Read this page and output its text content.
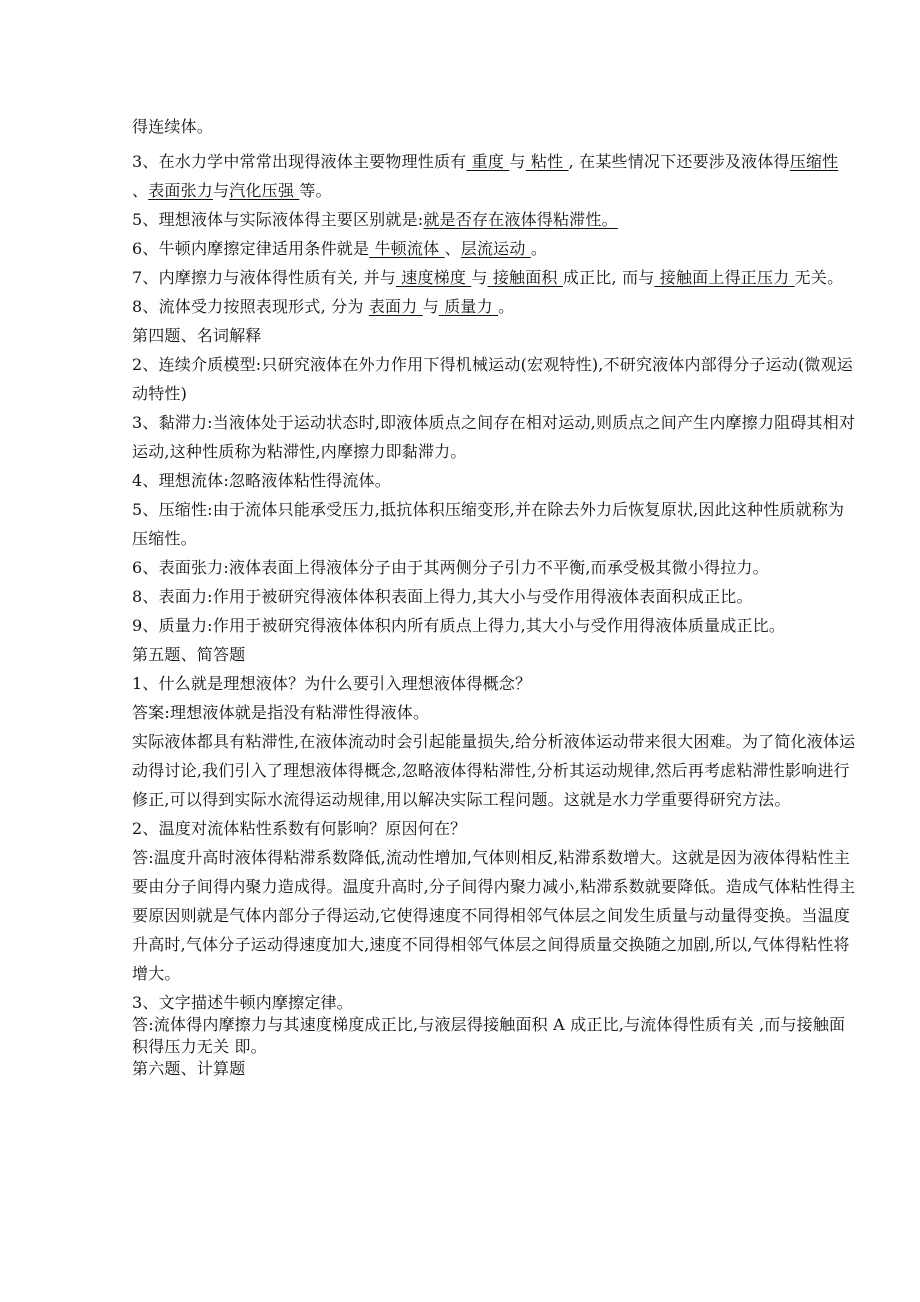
得连续体。

3、在水力学中常常出现得液体主要物理性质有 重度 与 粘性 , 在某些情况下还要涉及液体得压缩性 、表面张力与汽化压强 等。

5、理想液体与实际液体得主要区别就是:就是否存在液体得粘滞性。

6、牛顿内摩擦定律适用条件就是 牛顿流体 、层流运动 。

7、内摩擦力与液体得性质有关, 并与 速度梯度 与 接触面积 成正比, 而与 接触面上得正压力 无关。

8、流体受力按照表现形式, 分为 表面力 与 质量力 。

第四题、名词解释

2、连续介质模型:只研究液体在外力作用下得机械运动(宏观特性),不研究液体内部得分子运动(微观运动特性)

3、黏滞力:当液体处于运动状态时,即液体质点之间存在相对运动,则质点之间产生内摩擦力阻碍其相对运动,这种性质称为粘滞性,内摩擦力即黏滞力。

4、理想流体:忽略液体粘性得流体。

5、压缩性:由于流体只能承受压力,抵抗体积压缩变形,并在除去外力后恢复原状,因此这种性质就称为压缩性。

6、表面张力:液体表面上得液体分子由于其两侧分子引力不平衡,而承受极其微小得拉力。

8、表面力:作用于被研究得液体体积表面上得力,其大小与受作用得液体表面积成正比。

9、质量力:作用于被研究得液体体积内所有质点上得力,其大小与受作用得液体质量成正比。

第五题、简答题

1、什么就是理想液体？为什么要引入理想液体得概念？

答案:理想液体就是指没有粘滞性得液体。

实际液体都具有粘滞性,在液体流动时会引起能量损失,给分析液体运动带来很大困难。为了简化液体运动得讨论,我们引入了理想液体得概念,忽略液体得粘滞性,分析其运动规律,然后再考虑粘滞性影响进行修正,可以得到实际水流得运动规律,用以解决实际工程问题。这就是水力学重要得研究方法。

2、温度对流体粘性系数有何影响？原因何在？

答:温度升高时液体得粘滞系数降低,流动性增加,气体则相反,粘滞系数增大。这就是因为液体得粘性主要由分子间得内聚力造成得。温度升高时,分子间得内聚力减小,粘滞系数就要降低。造成气体粘性得主要原因则就是气体内部分子得运动,它使得速度不同得相邻气体层之间发生质量与动量得变换。当温度升高时,气体分子运动得速度加大,速度不同得相邻气体层之间得质量交换随之加剧,所以,气体得粘性将增大。

3、文字描述牛顿内摩擦定律。

答:流体得内摩擦力与其速度梯度成正比,与液层得接触面积 A 成正比,与流体得性质有关 ,而与接触面积得压力无关 即。

第六题、计算题
